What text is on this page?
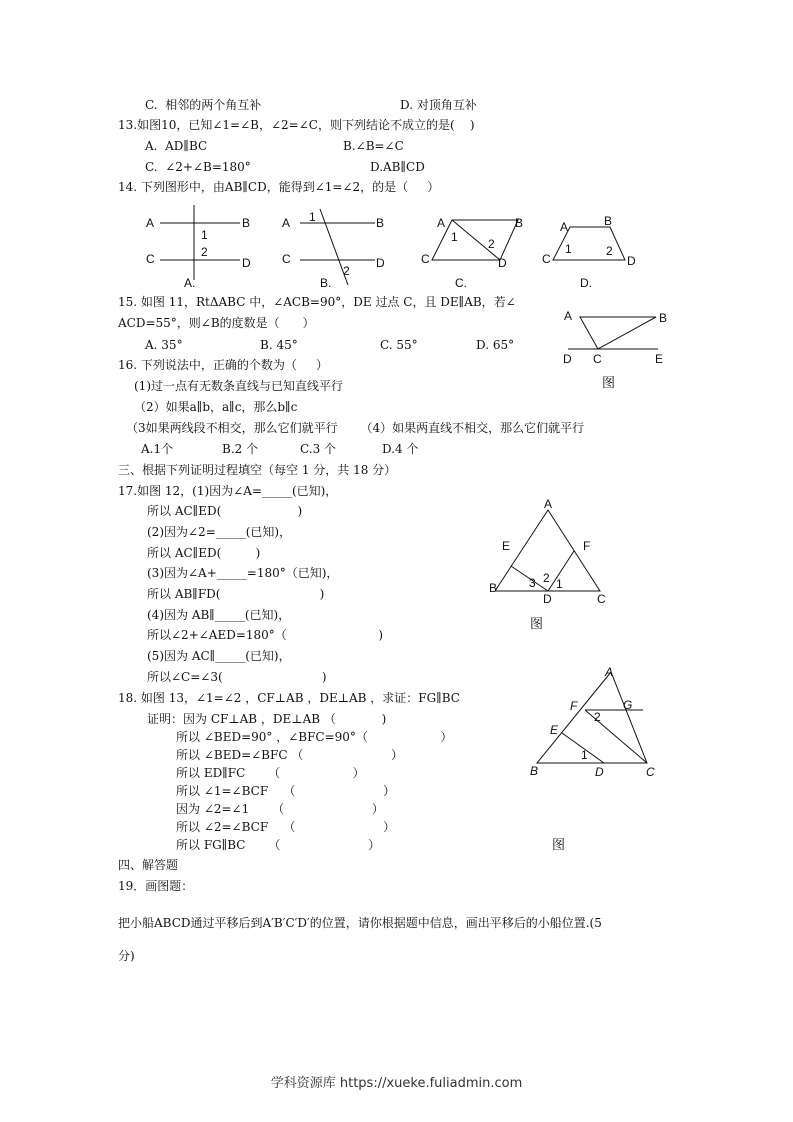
C.  相邻的两个角互补	D. 对顶角互补
13.如图10，已知∠1=∠B，∠2=∠C，则下列结论不成立的是(    )
A.  AD∥BC	B.∠B=∠C
C.  ∠2+∠B=180°	D.AB∥CD
14. 下列图形中，由AB∥CD，能得到∠1=∠2，的是（     ）
15. 如图 11，RtΔABC 中，∠ACB=90°，DE 过点 C，且 DE∥AB，若∠
ACD=55°，则∠B的度数是（      ）
A. 35°	B. 45°	C. 55°	D. 65°
16. 下列说法中，正确的个数为（     ）
(1)过一点有无数条直线与已知直线平行
（2）如果a∥b，a∥c，那么b∥c
（3如果两线段不相交，那么它们就平行      （4）如果两直线不相交，那么它们就平行
A.1个	B.2 个	C.3 个	D.4 个
三、根据下列证明过程填空（每空 1 分，共 18 分）
17.如图 12，(1)因为∠A=_____(已知)，
所以 AC∥ED(                    )
(2)因为∠2=_____(已知)，
所以 AC∥ED(         )
(3)因为∠A+_____=180°（已知)，
所以 AB∥FD(                          )
(4)因为 AB∥_____(已知)，
所以∠2+∠AED=180°（                        )
(5)因为 AC∥_____(已知)，
所以∠C=∠3(                          )
18. 如图 13，∠1=∠2 ，CF⊥AB ，DE⊥AB ，求证：FG∥BC
证明：因为 CF⊥AB ，DE⊥AB （            )
所以 ∠BED=90° ，∠BFC=90°（                   ）
所以 ∠BED=∠BFC （                       ）
所以 ED∥FC      （                   ）
所以 ∠1=∠BCF    （                       ）
因为 ∠2=∠1      （                       ）
所以 ∠2=∠BCF    （                       ）
所以 FG∥BC      （                       ）
四、解答题
19．画图题：
把小船ABCD通过平移后到A′B′C′D′的位置，请你根据题中信息，画出平移后的小船位置.(5
分)
A	B
C	D
1
2
A.
A	B
C	D
1
2
B.
A	B
C	D
1	2
C.
A	B
C	D
1	2
D.
A	B
D C	E
图
A
E	F
B	3 2 1
D	C
图
A
F	G
2
E
1
B	D	C
图
学科资源库 https://xueke.fuliadmin.com
